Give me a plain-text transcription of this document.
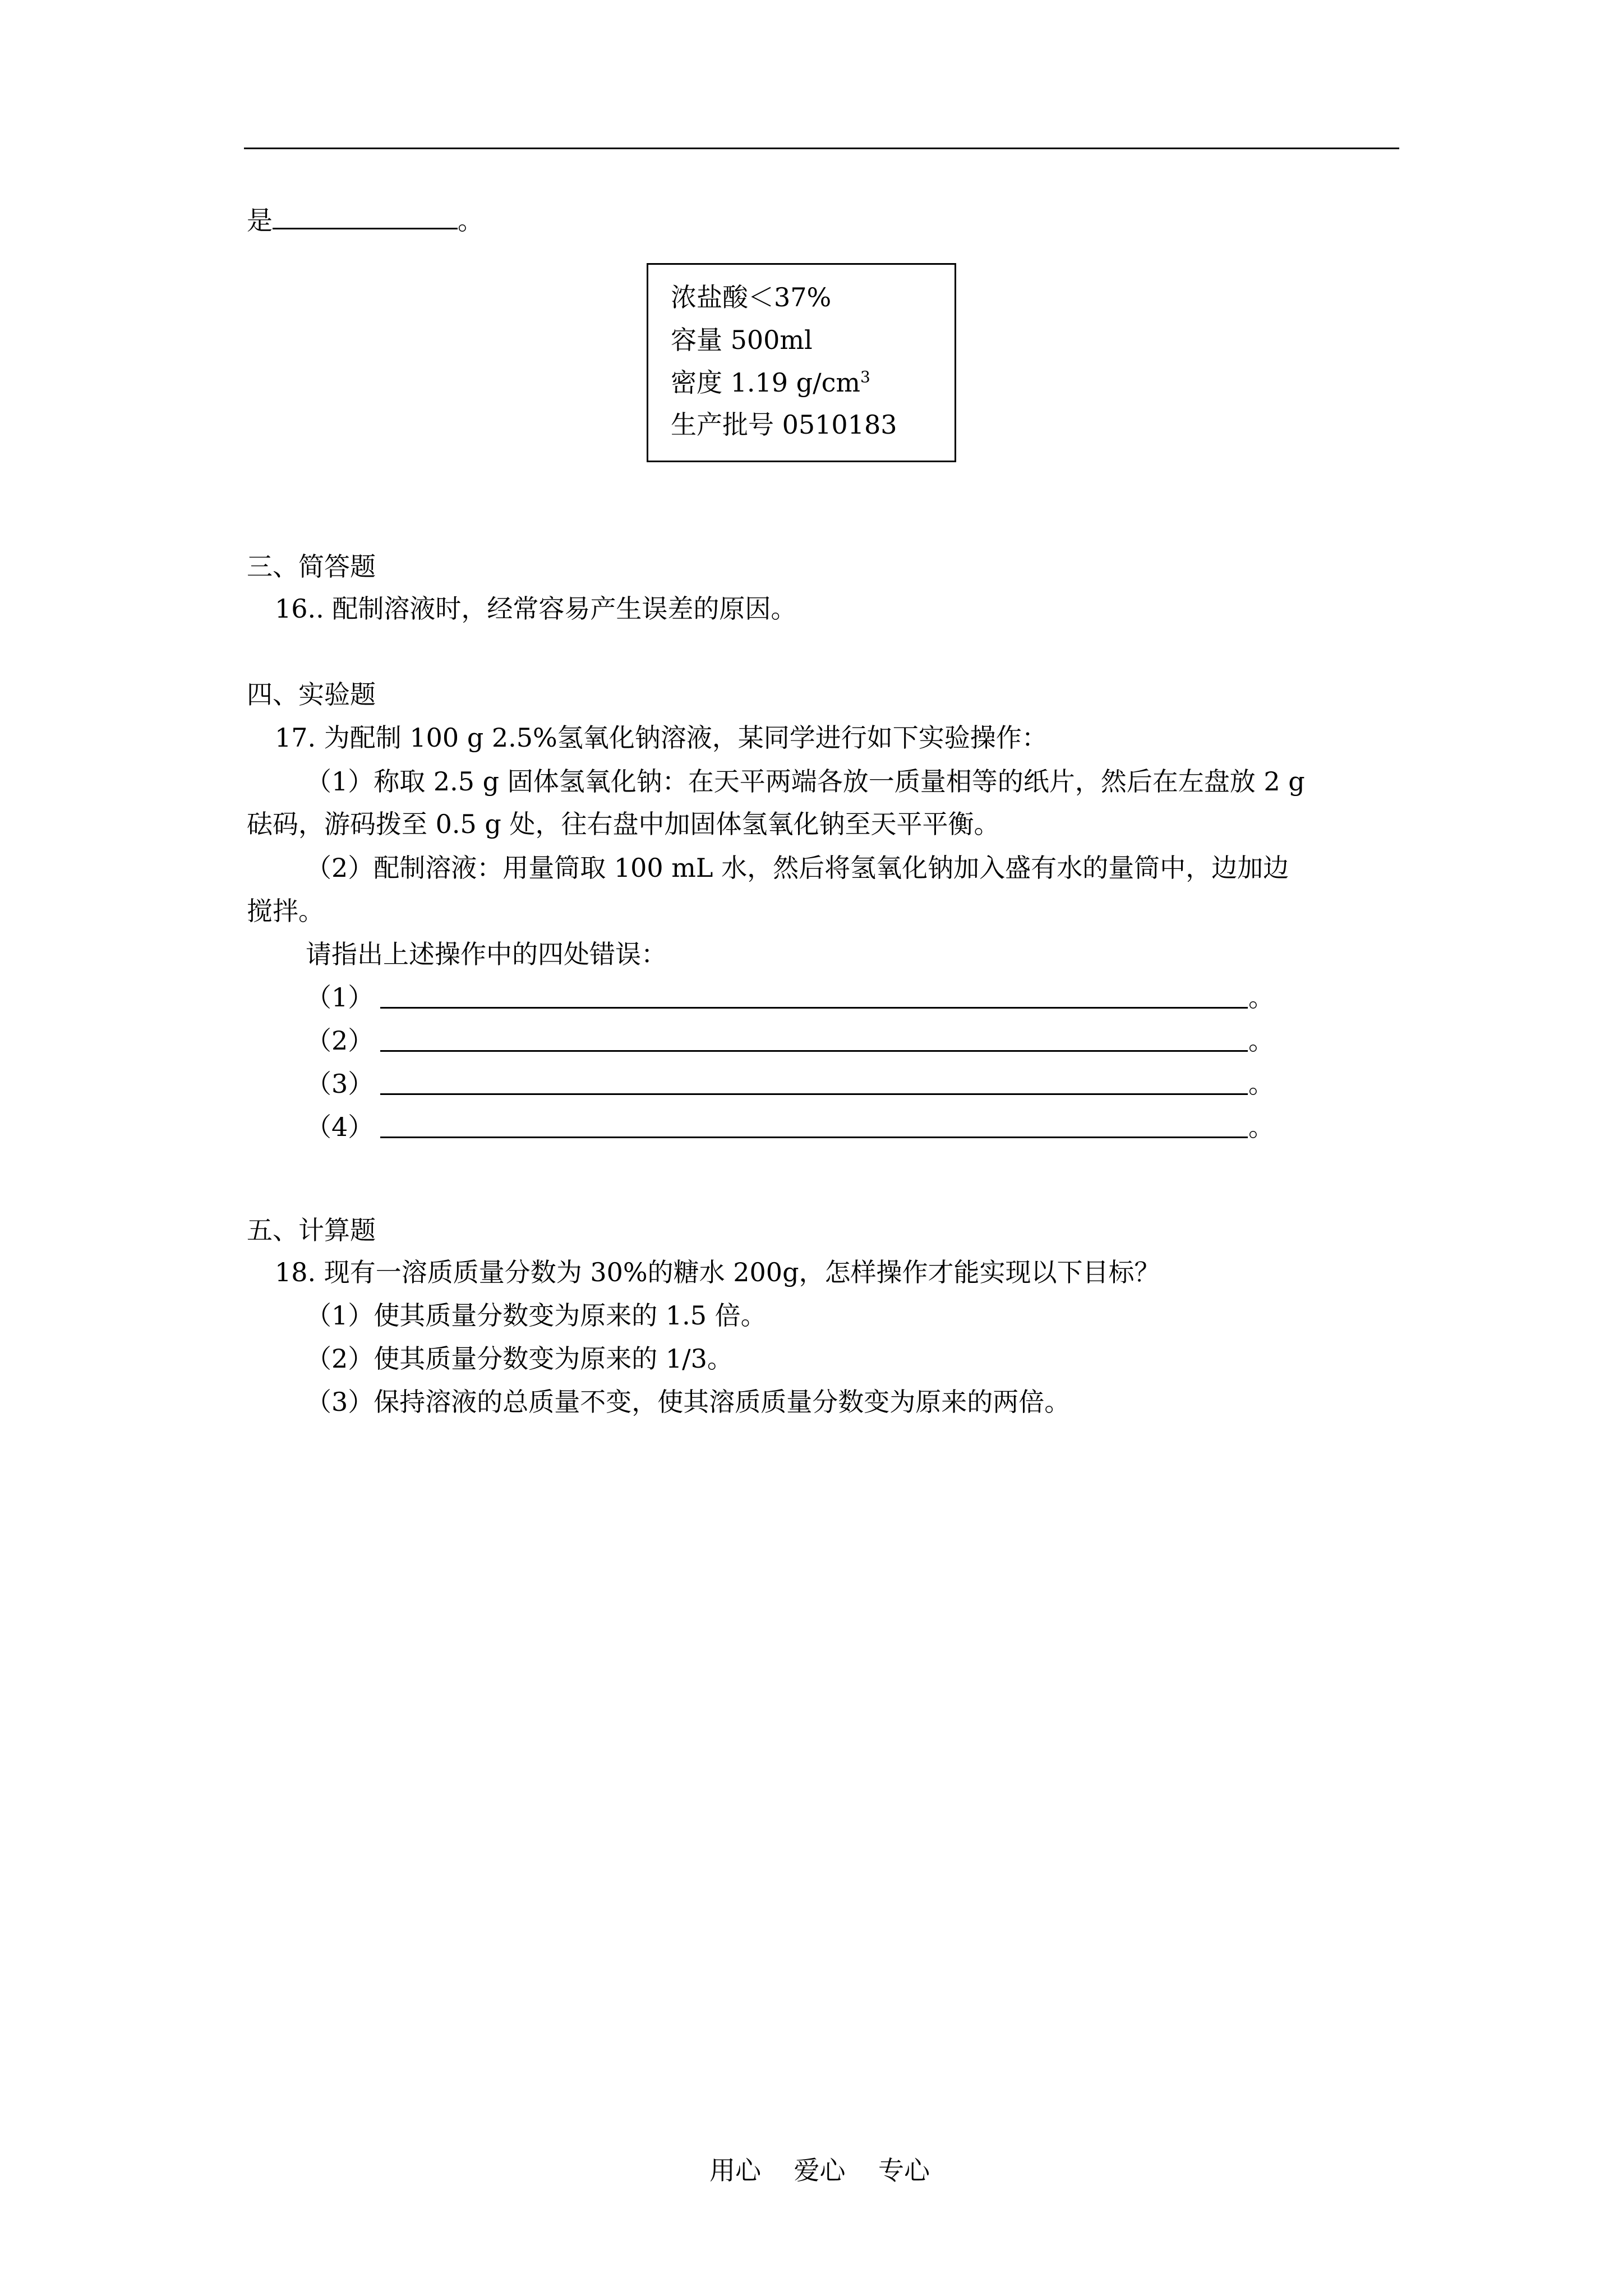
是	。
浓盐酸＜37%
容量 500ml
密度 1.19 $g/cm^3$
生产批号 0510183
三、简答题
16.. 配制溶液时，经常容易产生误差的原因。
四、实验题
17. 为配制 100 g 2.5%氢氧化钠溶液，某同学进行如下实验操作：
（1）称取 2.5 g 固体氢氧化钠：在天平两端各放一质量相等的纸片，然后在左盘放 2 g
砝码，游码拨至 0.5 g 处，往右盘中加固体氢氧化钠至天平平衡。
（2）配制溶液：用量筒取 100 mL 水，然后将氢氧化钠加入盛有水的量筒中，边加边
搅拌。
请指出上述操作中的四处错误：
（1）	。
（2）	。
（3）	。
（4）	。
五、计算题
18. 现有一溶质质量分数为 30%的糖水 200g，怎样操作才能实现以下目标？
（1）使其质量分数变为原来的 1.5 倍。
（2）使其质量分数变为原来的 1/3。
（3）保持溶液的总质量不变，使其溶质质量分数变为原来的两倍。
用心    爱心    专心
